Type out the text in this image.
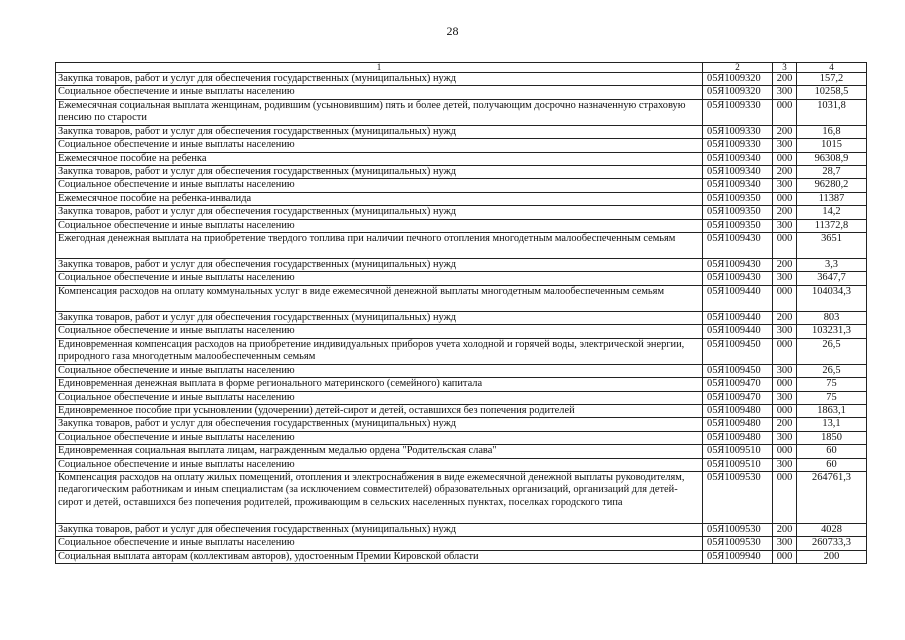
28
1	2	3	4
Закупка товаров, работ и услуг для обеспечения государственных (муниципальных) нужд	05Я1009320	200	157,2
Социальное обеспечение и иные выплаты населению	05Я1009320	300	10258,5
Ежемесячная социальная выплата женщинам, родившим (усыновившим) пять и более детей, получающим досрочно назначенную страховую пенсию по старости	05Я1009330	000	1031,8
Закупка товаров, работ и услуг для обеспечения государственных (муниципальных) нужд	05Я1009330	200	16,8
Социальное обеспечение и иные выплаты населению	05Я1009330	300	1015
Ежемесячное пособие на ребенка	05Я1009340	000	96308,9
Закупка товаров, работ и услуг для обеспечения государственных (муниципальных) нужд	05Я1009340	200	28,7
Социальное обеспечение и иные выплаты населению	05Я1009340	300	96280,2
Ежемесячное пособие на ребенка-инвалида	05Я1009350	000	11387
Закупка товаров, работ и услуг для обеспечения государственных (муниципальных) нужд	05Я1009350	200	14,2
Социальное обеспечение и иные выплаты населению	05Я1009350	300	11372,8
Ежегодная денежная выплата на приобретение твердого топлива при наличии печного отопления многодетным малообеспеченным семьям	05Я1009430	000	3651
Закупка товаров, работ и услуг для обеспечения государственных (муниципальных) нужд	05Я1009430	200	3,3
Социальное обеспечение и иные выплаты населению	05Я1009430	300	3647,7
Компенсация расходов на оплату коммунальных услуг в виде ежемесячной денежной выплаты многодетным малообеспеченным семьям	05Я1009440	000	104034,3
Закупка товаров, работ и услуг для обеспечения государственных (муниципальных) нужд	05Я1009440	200	803
Социальное обеспечение и иные выплаты населению	05Я1009440	300	103231,3
Единовременная компенсация расходов на приобретение индивидуальных приборов учета холодной и горячей воды, электрической энергии, природного газа многодетным малообеспеченным семьям	05Я1009450	000	26,5
Социальное обеспечение и иные выплаты населению	05Я1009450	300	26,5
Единовременная денежная выплата в форме регионального материнского (семейного) капитала	05Я1009470	000	75
Социальное обеспечение и иные выплаты населению	05Я1009470	300	75
Единовременное пособие при усыновлении (удочерении) детей-сирот и детей, оставшихся без попечения родителей	05Я1009480	000	1863,1
Закупка товаров, работ и услуг для обеспечения государственных (муниципальных) нужд	05Я1009480	200	13,1
Социальное обеспечение и иные выплаты населению	05Я1009480	300	1850
Единовременная социальная выплата лицам, награжденным медалью ордена "Родительская слава"	05Я1009510	000	60
Социальное обеспечение и иные выплаты населению	05Я1009510	300	60
Компенсация расходов на оплату жилых помещений, отопления и электроснабжения в виде ежемесячной денежной выплаты руководителям, педагогическим работникам и иным специалистам (за исключением совместителей) образовательных организаций, организаций для детей-сирот и детей, оставшихся без попечения родителей, проживающим в сельских населенных пунктах, поселках городского типа	05Я1009530	000	264761,3
Закупка товаров, работ и услуг для обеспечения государственных (муниципальных) нужд	05Я1009530	200	4028
Социальное обеспечение и иные выплаты населению	05Я1009530	300	260733,3
Социальная выплата авторам (коллективам авторов), удостоенным Премии Кировской области	05Я1009940	000	200
